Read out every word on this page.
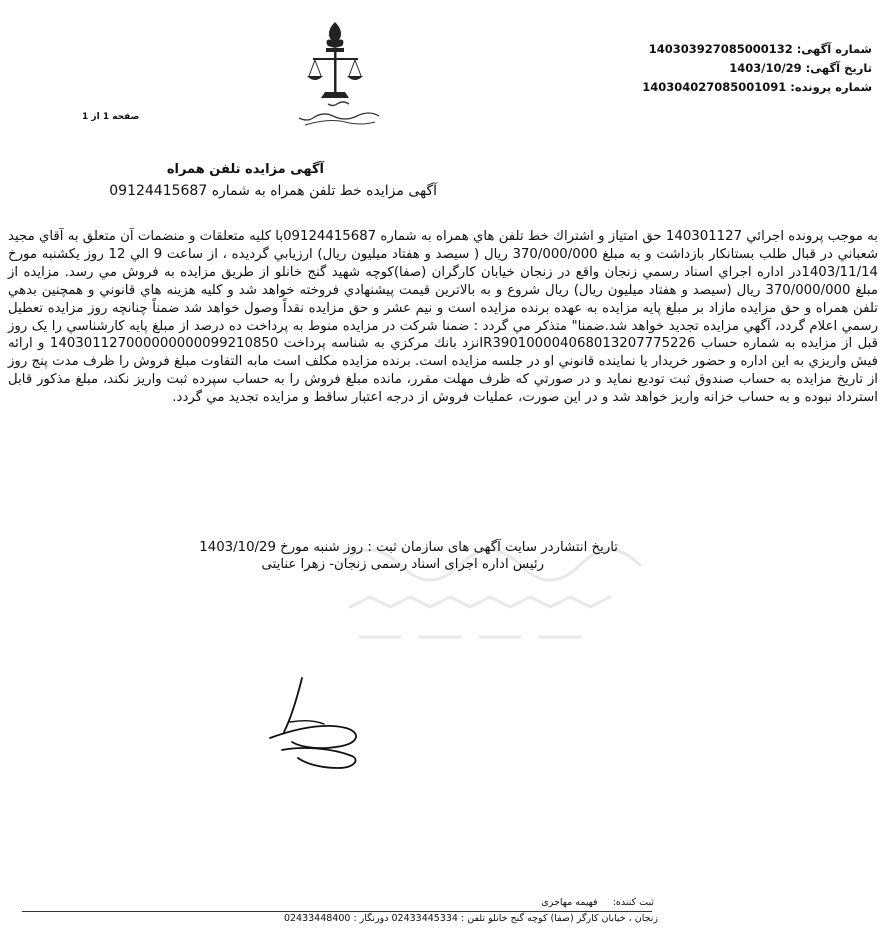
شماره آگهی: 140303927085000132
تاریخ آگهی: 1403/10/29
شماره پرونده: 140304027085001091
صفحه 1 از 1
آگهی مزایده تلفن همراه
آگهی مزایده خط تلفن همراه به شماره 09124415687
به موجب پرونده اجرائي 140301127 حق امتياز و اشتراك خط تلفن هاي همراه به شماره 09124415687با كليه متعلقات و منضمات آن متعلق به آقاي مجيد شعباني در قبال طلب بستانكار بازداشت و به مبلغ 370/000/000 ريال ( سيصد و هفتاد ميليون ريال) ارزيابي گرديده ، از ساعت 9 الي 12 روز يكشنبه مورخ 1403/11/14در اداره اجراي اسناد رسمي زنجان واقع در زنجان خيابان كارگران (صفا)كوچه شهيد گنج خانلو از طريق مزايده به فروش مي رسد. مزايده از مبلغ 370/000/000 ريال (سيصد و هفتاد ميليون ريال) ريال شروع و به بالاترين قيمت پيشنهادي فروخته خواهد شد و كليه هزينه هاي قانوني و همچنين بدهي تلفن همراه و حق مزايده مازاد بر مبلغ پايه مزايده به عهده برنده مزايده است و نيم عشر و حق مزايده نقداً وصول خواهد شد ضمناً چنانچه روز مزايده تعطيل رسمي اعلام گردد، آگهي مزايده تجديد خواهد شد.ضمنا" متذكر مي گردد : ضمنا شركت در مزايده منوط به پرداخت ده درصد از مبلغ پايه كارشناسي را يک روز قبل از مزايده به شماره حساب IR390100004068013207775226نزد بانك مركزي به شناسه پرداخت 140301127000000000099210850 و ارائه فيش واريزي به اين اداره و حضور خريدار يا نماينده قانوني او در جلسه مزايده است. برنده مزايده مكلف است مابه التفاوت مبلغ فروش را ظرف مدت پنج روز از تاريخ مزايده به حساب صندوق ثبت توديع نمايد و در صورتي كه ظرف مهلت مقرر، مانده مبلغ فروش را به حساب سپرده ثبت واريز نكند، مبلغ مذكور قابل استرداد نبوده و به حساب خزانه واريز خواهد شد و در اين صورت، عمليات فروش از درجه اعتبار ساقط و مزايده تجديد مي گردد.
تاریخ انتشاردر سایت آگهی های سازمان ثبت : روز شنبه مورخ 1403/10/29
رئیس اداره اجرای اسناد رسمی زنجان- زهرا عنایتی
ثبت کننده:     فهیمه مهاجری
زنجان ، خیابان کارگر (صفا) کوچه گنج خانلو تلفن : 02433445334 دورنگار : 02433448400
